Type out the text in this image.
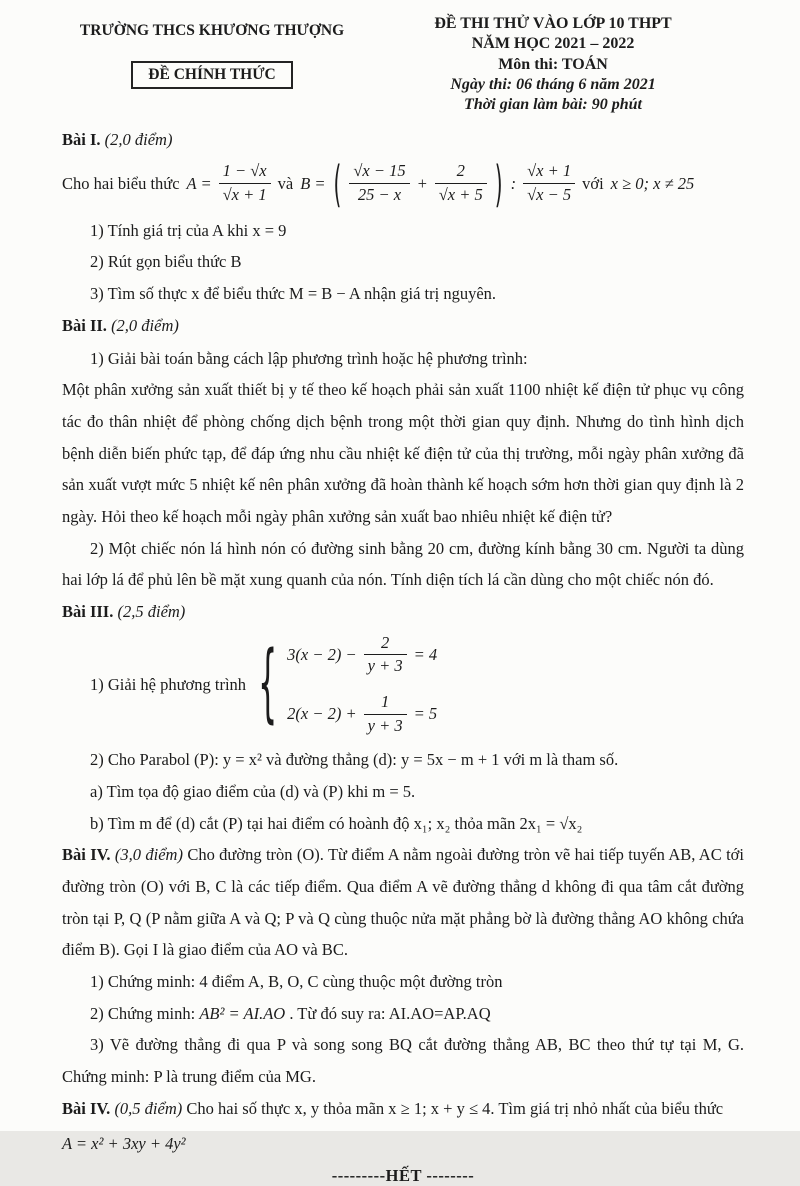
TRƯỜNG THCS KHƯƠNG THƯỢNG
ĐỀ CHÍNH THỨC
ĐỀ THI THỬ VÀO LỚP 10 THPT
NĂM HỌC 2021 – 2022
Môn thi: TOÁN
Ngày thi: 06 tháng 6 năm 2021
Thời gian làm bài: 90 phút
Bài I. (2,0 điểm)
Cho hai biểu thức $A = \frac{1 - √x}{√x + 1}$ và B = ( $\frac{√x - 15}{25 - x} + \frac{2}{√x + 5}$ ) : $\frac{√x + 1}{√x - 5}$ với x ≥ 0; x ≠ 25
1) Tính giá trị của A khi x = 9
2) Rút gọn biểu thức B
3) Tìm số thực x để biểu thức M = B − A nhận giá trị nguyên.
Bài II. (2,0 điểm)
1) Giải bài toán bằng cách lập phương trình hoặc hệ phương trình:

Một phân xưởng sản xuất thiết bị y tế theo kế hoạch phải sản xuất 1100 nhiệt kế điện tử phục vụ công tác đo thân nhiệt để phòng chống dịch bệnh trong một thời gian quy định. Nhưng do tình hình dịch bệnh diễn biến phức tạp, để đáp ứng nhu cầu nhiệt kế điện tử của thị trường, mỗi ngày phân xưởng đã sản xuất vượt mức 5 nhiệt kế nên phân xưởng đã hoàn thành kế hoạch sớm hơn thời gian quy định là 2 ngày. Hỏi theo kế hoạch mỗi ngày phân xưởng sản xuất bao nhiêu nhiệt kế điện tử?

2) Một chiếc nón lá hình nón có đường sinh bằng 20 cm, đường kính bằng 30 cm. Người ta dùng hai lớp lá để phủ lên bề mặt xung quanh của nón. Tính diện tích lá cần dùng cho một chiếc nón đó.

Bài III. (2,5 điểm)
1) Giải hệ phương trình { $3(x - 2) - \frac{2}{y + 3} = 4$
$2(x - 2) + \frac{1}{y + 3} = 5$
2) Cho Parabol (P): y = x² và đường thẳng (d): y = 5x − m + 1 với m là tham số.
a) Tìm tọa độ giao điểm của (d) và (P) khi m = 5.
b) Tìm m để (d) cắt (P) tại hai điểm có hoành độ x₁; x₂ thỏa mãn 2x₁ = √x₂

Bài IV. (3,0 điểm) Cho đường tròn (O). Từ điểm A nằm ngoài đường tròn vẽ hai tiếp tuyến AB, AC tới đường tròn (O) với B, C là các tiếp điểm. Qua điểm A vẽ đường thẳng d không đi qua tâm cắt đường tròn tại P, Q (P nằm giữa A và Q; P và Q cùng thuộc nửa mặt phẳng bờ là đường thẳng AO không chứa điểm B). Gọi I là giao điểm của AO và BC.

1) Chứng minh: 4 điểm A, B, O, C cùng thuộc một đường tròn
2) Chứng minh: AB² = AI.AO . Từ đó suy ra: AI.AO=AP.AQ

3) Vẽ đường thẳng đi qua P và song song BQ cắt đường thẳng AB, BC theo thứ tự tại M, G. Chứng minh: P là trung điểm của MG.

Bài IV. (0,5 điểm) Cho hai số thực x, y thỏa mãn x ≥ 1; x + y ≤ 4. Tìm giá trị nhỏ nhất của biểu thức

A = x² + 3xy + 4y²
---------HẾT --------
